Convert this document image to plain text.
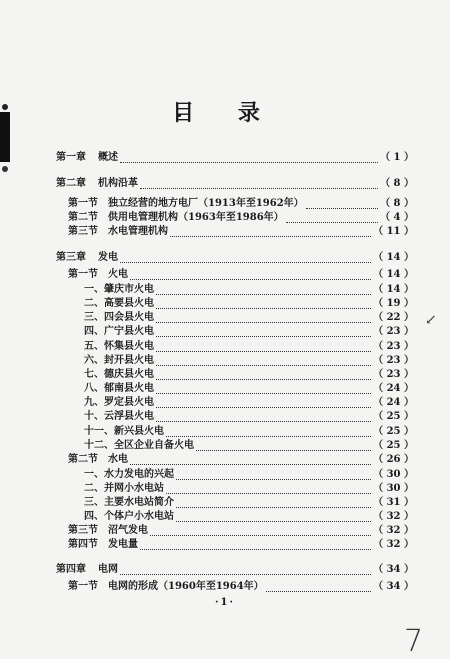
目 录
第一章 概述	（ 1 ）
第二章 机构沿革	（ 8 ）
第一节 独立经营的地方电厂（1913年至1962年）	（ 8 ）
第二节 供用电管理机构（1963年至1986年）	（ 4 ）
第三节 水电管理机构	（ 11 ）
第三章 发电	（ 14 ）
第一节 火电	（ 14 ）
一、肇庆市火电	（ 14 ）
二、高要县火电	（ 19 ）
三、四会县火电	（ 22 ）
四、广宁县火电	（ 23 ）
五、怀集县火电	（ 23 ）
六、封开县火电	（ 23 ）
七、德庆县火电	（ 23 ）
八、郁南县火电	（ 24 ）
九、罗定县火电	（ 24 ）
十、云浮县火电	（ 25 ）
十一、新兴县火电	（ 25 ）
十二、全区企业自备火电	（ 25 ）
第二节 水电	（ 26 ）
一、水力发电的兴起	（ 30 ）
二、并网小水电站	（ 30 ）
三、主要水电站简介	（ 31 ）
四、个体户小水电站	（ 32 ）
第三节 沼气发电	（ 32 ）
第四节 发电量	（ 32 ）
第四章 电网	（ 34 ）
第一节 电网的形成（1960年至1964年）	（ 34 ）
↙
·1·
7
